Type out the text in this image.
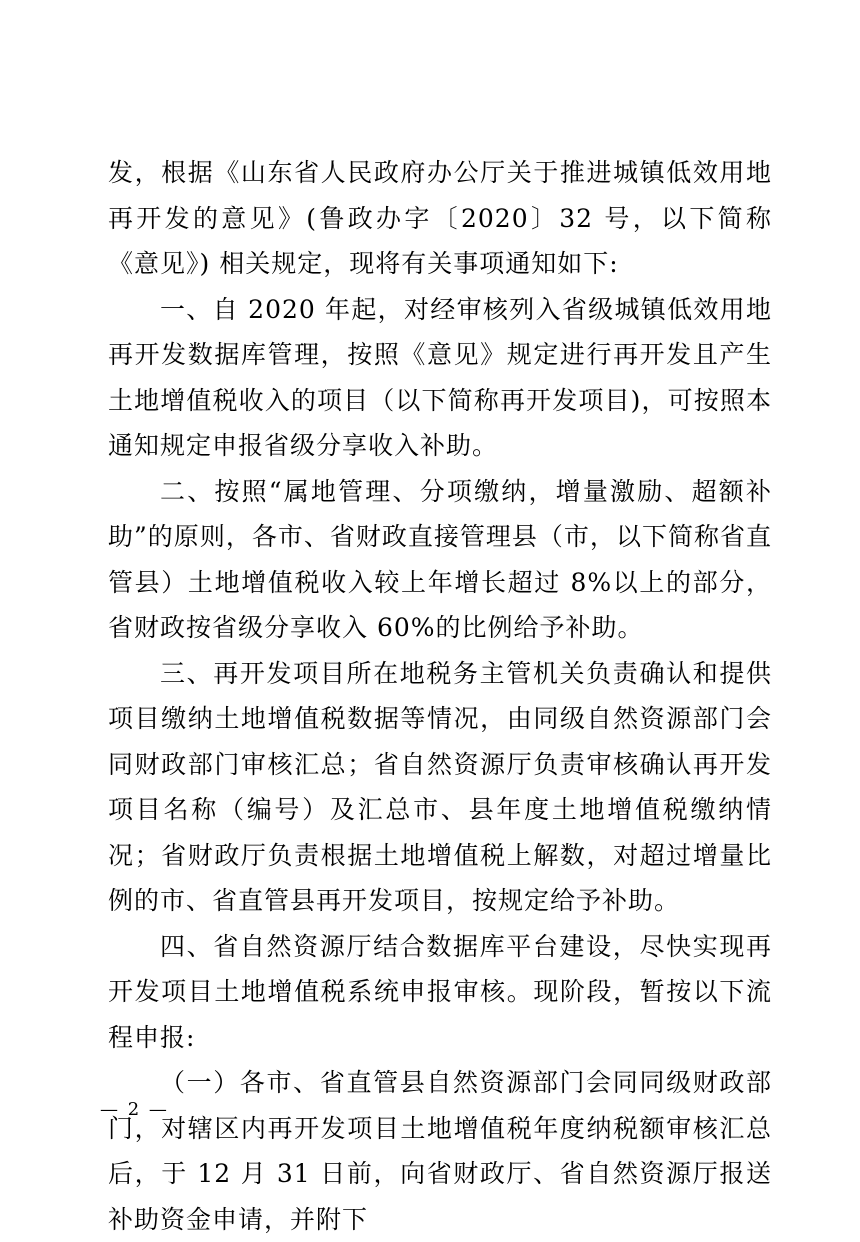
发，根据《山东省人民政府办公厅关于推进城镇低效用地再开发的意见》(鲁政办字〔2020〕32 号，以下简称《意见》) 相关规定，现将有关事项通知如下:

一、自 2020 年起，对经审核列入省级城镇低效用地再开发数据库管理，按照《意见》规定进行再开发且产生土地增值税收入的项目（以下简称再开发项目)，可按照本通知规定申报省级分享收入补助。

二、按照“属地管理、分项缴纳，增量激励、超额补助”的原则，各市、省财政直接管理县（市，以下简称省直管县）土地增值税收入较上年增长超过 8%以上的部分，省财政按省级分享收入 60%的比例给予补助。

三、再开发项目所在地税务主管机关负责确认和提供项目缴纳土地增值税数据等情况，由同级自然资源部门会同财政部门审核汇总；省自然资源厅负责审核确认再开发项目名称（编号）及汇总市、县年度土地增值税缴纳情况；省财政厅负责根据土地增值税上解数，对超过增量比例的市、省直管县再开发项目，按规定给予补助。

四、省自然资源厅结合数据库平台建设，尽快实现再开发项目土地增值税系统申报审核。现阶段，暂按以下流程申报:

（一）各市、省直管县自然资源部门会同同级财政部门，对辖区内再开发项目土地增值税年度纳税额审核汇总后，于 12 月 31 日前，向省财政厅、省自然资源厅报送补助资金申请，并附下

— 2 —
